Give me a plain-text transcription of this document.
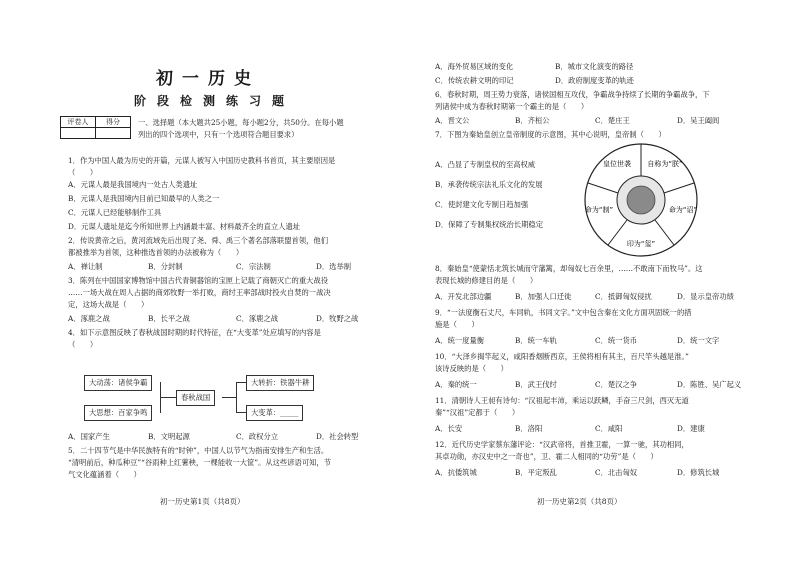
初一历史
阶段检测练习题
评卷人	得分
	一、选择题（本大题共25小题，每小题2分，共50分。在每小题
列出的四个选项中，只有一个选项符合题目要求）
1．作为中国人最为历史的开篇，元谋人被写入中国历史教科书首页，其主要原因是
（　　）
A．元谋人最是我国境内一处古人类遗址
B．元谋人是我国境内目前已知最早的人类之一
C．元谋人已经能够制作工具
D．元谋人遗址是迄今所知世界上内涵最丰富、材料最齐全的直立人遗址
2．传说黄帝之后，黄河流域先后出现了尧、舜、禹三个著名部落联盟首领，他们
都被推举为首领，这种推选首领的办法被称为（　　）
A．禅让制	B．分封制	C．宗法制	D．选举制
3．陈列在中国国家博物馆中国古代青铜器馆的宝匣上记载了商朝灭亡的重大战役
……一场大战在周人占据的商郊牧野一举打败，商纣王率部战时投火自焚的一战决
定，这场大战是（　　）
A．涿鹿之战	B．长平之战	C．涿鹿之战	D．牧野之战
4．如下示意图反映了春秋战国时期的时代特征，在“大变革”处应填写的内容是
（　　）
大动荡：诸侯争霸
大思想：百家争鸣
春秋战国
大转折：铁器牛耕
大变革：_____
A．国家产生	B．文明起源	C．政权分立	D．社会转型
5．二十四节气是中华民族特有的“时钟”，中国人以节气为指南安排生产和生活。
“清明前后，种瓜种豆”“谷雨种上红薯秧，一棵能收一大筐”。从这些谚语可知，节
气文化蕴涵着（　　）
初一历史第1页（共8页）
A．海外贸易区域的变化	B．城市文化演变的路径
C．传统农耕文明的印记	D．政府制度变革的轨迹
6．春秋时期，周王势力衰落，诸侯国相互攻伐，争霸战争持续了长期的争霸战争，下
列诸侯中成为春秋时期第一个霸主的是（　　）
A．晋文公	B．齐桓公	C．楚庄王	D．吴王阖闾
7．下图为秦始皇创立皇帝制度的示意图，其中心说明，皇帝制（　　）
A．凸显了专制皇权的至高权威
B．承袭传统宗法礼乐文化的发展
C．使封建文化专制日趋加强
D．保障了专制集权统治长期稳定
自称为“朕”
命为“诏”
印为“玺”
命为“制”
皇位世袭
8．秦始皇“使蒙恬北筑长城而守藩篱，却匈奴七百余里，……不敢南下而牧马”。这
表现长城的修建目的是（　　）
A．开发北部边疆	B．加强人口迁徙	C．抵御匈奴侵扰	D．显示皇帝功绩
9．“一法度衡石丈尺，车同轨，书同文字。”文中包含秦在文化方面巩固统一的措
施是（　　）
A．统一度量衡	B．统一车轨	C．统一货币	D．统一文字
10．“大泽乡揭竿起义，咸阳香烟断西京，王侯将相有其主，百尺竿头越是淮。”
该诗反映的是（　　）
A．秦的统一	B．武王伐纣	C．楚汉之争	D．陈胜、吴广起义
11．清朝诗人王昶有诗句：“汉祖起丰沛，乘运以跃鳞，手奋三尺剑，西灭无道
秦”“汉祖”定都于（　　）
A．长安	B．洛阳	C．咸阳	D．建康
12．近代历史学家蔡东藩评论：“汉武帝将，首推卫霍，一算一驰，其功相同，
其卓功勋，亦汉史中之一奇也”，卫、霍二人相同的“功劳”是（　　）
A．抗倭筑城	B．平定叛乱	C．北击匈奴	D．修筑长城
初一历史第2页（共8页）
